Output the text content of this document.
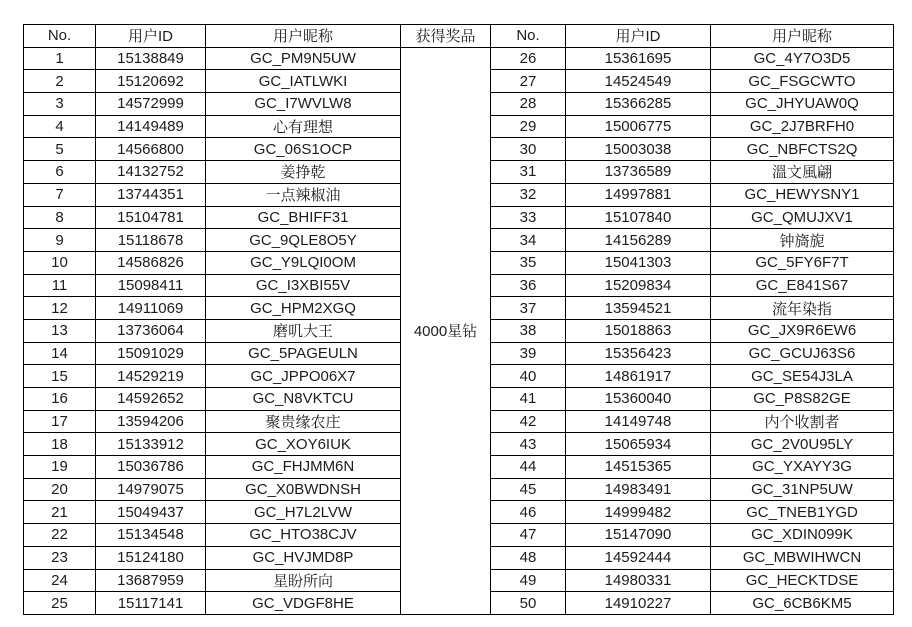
No.	用户ID	用户昵称	获得奖品	No.	用户ID	用户昵称
1	15138849	GC_PM9N5UW	4000星钻	26	15361695	GC_4Y7O3D5
2	15120692	GC_IATLWKI		27	14524549	GC_FSGCWTO
3	14572999	GC_I7WVLW8		28	15366285	GC_JHYUAW0Q
4	14149489	心有理想		29	15006775	GC_2J7BRFH0
5	14566800	GC_06S1OCP		30	15003038	GC_NBFCTS2Q
6	14132752	姜挣乾		31	13736589	溫文風翩
7	13744351	一点辣椒油		32	14997881	GC_HEWYSNY1
8	15104781	GC_BHIFF31		33	15107840	GC_QMUJXV1
9	15118678	GC_9QLE8O5Y		34	14156289	钟旖旎
10	14586826	GC_Y9LQI0OM		35	15041303	GC_5FY6F7T
11	15098411	GC_I3XBI55V		36	15209834	GC_E841S67
12	14911069	GC_HPM2XGQ		37	13594521	流年染指
13	13736064	磨叽大王		38	15018863	GC_JX9R6EW6
14	15091029	GC_5PAGEULN		39	15356423	GC_GCUJ63S6
15	14529219	GC_JPPO06X7		40	14861917	GC_SE54J3LA
16	14592652	GC_N8VKTCU		41	15360040	GC_P8S82GE
17	13594206	聚贵缘农庄		42	14149748	内个收割者
18	15133912	GC_XOY6IUK		43	15065934	GC_2V0U95LY
19	15036786	GC_FHJMM6N		44	14515365	GC_YXAYY3G
20	14979075	GC_X0BWDNSH		45	14983491	GC_31NP5UW
21	15049437	GC_H7L2LVW		46	14999482	GC_TNEB1YGD
22	15134548	GC_HTO38CJV		47	15147090	GC_XDIN099K
23	15124180	GC_HVJMD8P		48	14592444	GC_MBWIHWCN
24	13687959	星盼所向		49	14980331	GC_HECKTDSE
25	15117141	GC_VDGF8HE		50	14910227	GC_6CB6KM5
